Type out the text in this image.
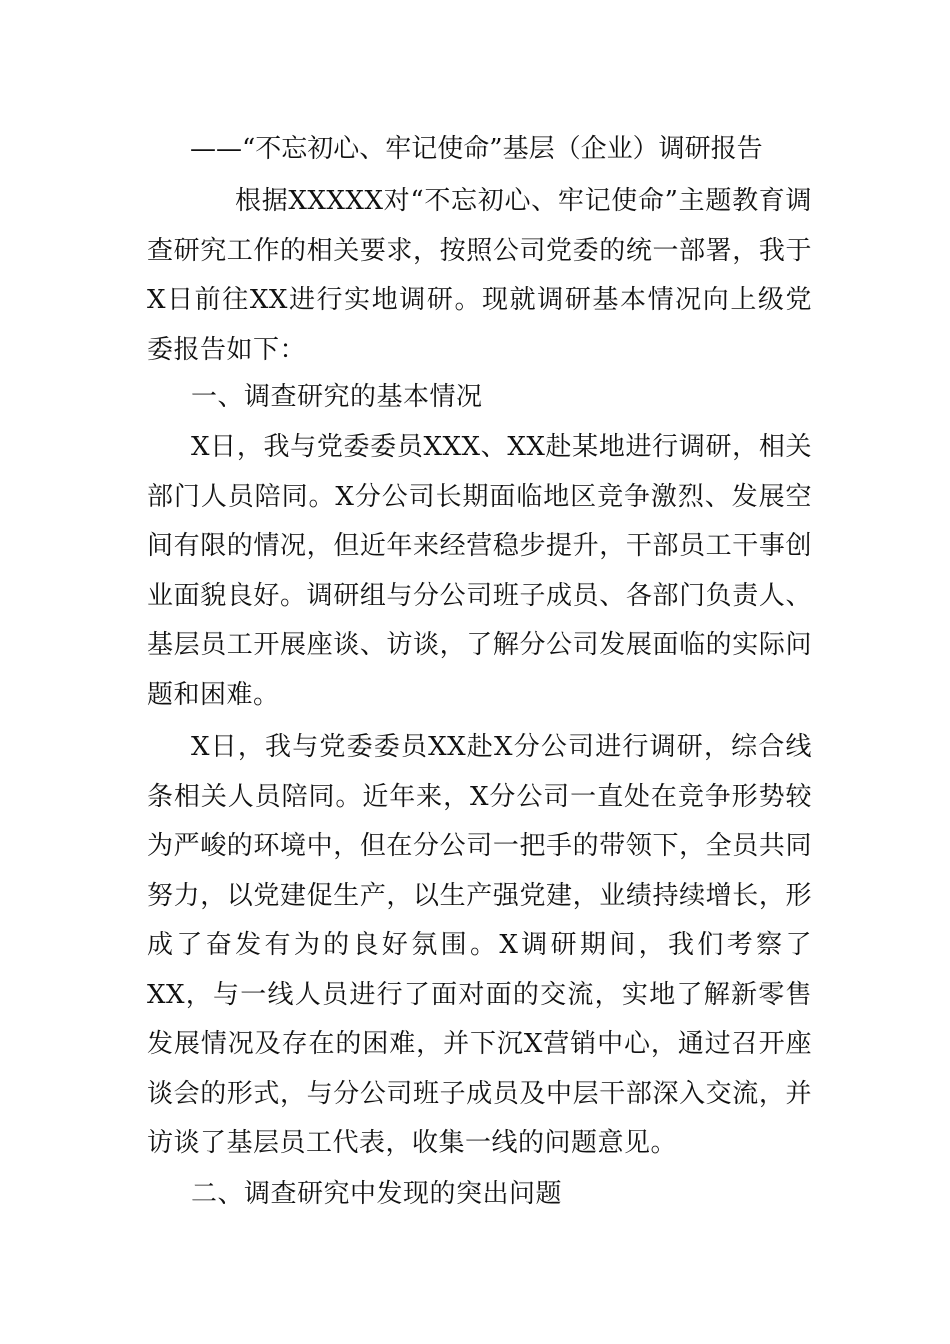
——“不忘初心、牢记使命”基层（企业）调研报告
根据XXXXX对“不忘初心、牢记使命”主题教育调查研究工作的相关要求，按照公司党委的统一部署，我于X日前往XX进行实地调研。现就调研基本情况向上级党委报告如下：
一、调查研究的基本情况
X日，我与党委委员XXX、XX赴某地进行调研，相关部门人员陪同。X分公司长期面临地区竞争激烈、发展空间有限的情况，但近年来经营稳步提升，干部员工干事创业面貌良好。调研组与分公司班子成员、各部门负责人、基层员工开展座谈、访谈，了解分公司发展面临的实际问题和困难。
X日，我与党委委员XX赴X分公司进行调研，综合线条相关人员陪同。近年来，X分公司一直处在竞争形势较为严峻的环境中，但在分公司一把手的带领下，全员共同努力，以党建促生产，以生产强党建，业绩持续增长，形成了奋发有为的良好氛围。X调研期间，我们考察了XX，与一线人员进行了面对面的交流，实地了解新零售发展情况及存在的困难，并下沉X营销中心，通过召开座谈会的形式，与分公司班子成员及中层干部深入交流，并访谈了基层员工代表，收集一线的问题意见。
二、调查研究中发现的突出问题
